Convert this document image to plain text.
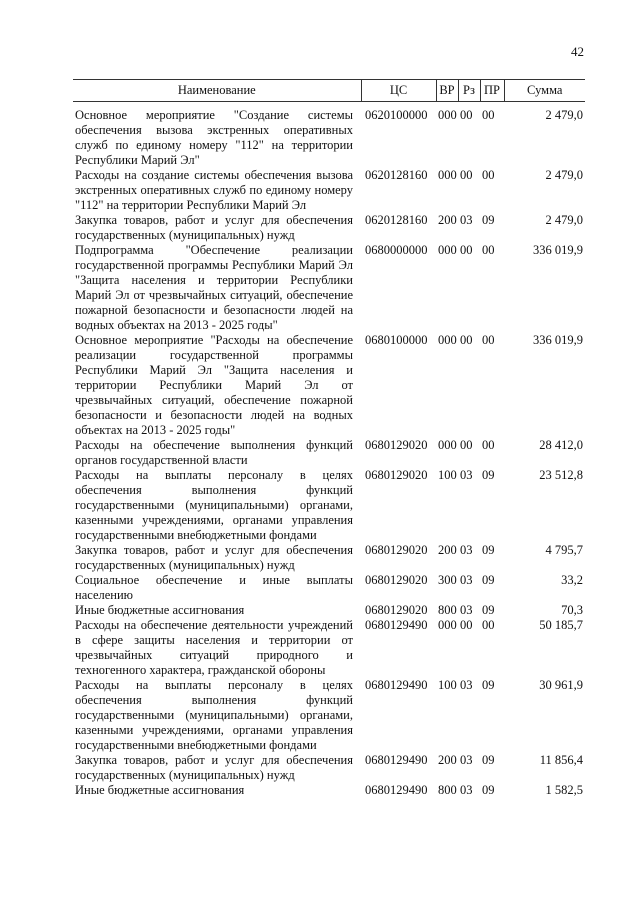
42
Наименование	ЦС	ВР	Рз	ПР	Сумма
Основное мероприятие "Создание системы обеспечения вызова экстренных оперативных служб по единому номеру "112" на территории Республики Марий Эл"	0620100000	000	00	00	2 479,0
Расходы на создание системы обеспечения вызова экстренных оперативных служб по единому номеру "112" на территории Республики Марий Эл	0620128160	000	00	00	2 479,0
Закупка товаров, работ и услуг для обеспечения государственных (муниципальных) нужд	0620128160	200	03	09	2 479,0
Подпрограмма "Обеспечение реализации государственной программы Республики Марий Эл "Защита населения и территории Республики Марий Эл от чрезвычайных ситуаций, обеспечение пожарной безопасности и безопасности людей на водных объектах на 2013 - 2025 годы"	0680000000	000	00	00	336 019,9
Основное мероприятие "Расходы на обеспечение реализации государственной программы Республики Марий Эл "Защита населения и территории Республики Марий Эл от чрезвычайных ситуаций, обеспечение пожарной безопасности и безопасности людей на водных объектах на 2013 - 2025 годы"	0680100000	000	00	00	336 019,9
Расходы на обеспечение выполнения функций органов государственной власти	0680129020	000	00	00	28 412,0
Расходы на выплаты персоналу в целях обеспечения выполнения функций государственными (муниципальными) органами, казенными учреждениями, органами управления государственными внебюджетными фондами	0680129020	100	03	09	23 512,8
Закупка товаров, работ и услуг для обеспечения государственных (муниципальных) нужд	0680129020	200	03	09	4 795,7
Социальное обеспечение и иные выплаты населению	0680129020	300	03	09	33,2
Иные бюджетные ассигнования	0680129020	800	03	09	70,3
Расходы на обеспечение деятельности учреждений в сфере защиты населения и территории от чрезвычайных ситуаций природного и техногенного характера, гражданской обороны	0680129490	000	00	00	50 185,7
Расходы на выплаты персоналу в целях обеспечения выполнения функций государственными (муниципальными) органами, казенными учреждениями, органами управления государственными внебюджетными фондами	0680129490	100	03	09	30 961,9
Закупка товаров, работ и услуг для обеспечения государственных (муниципальных) нужд	0680129490	200	03	09	11 856,4
Иные бюджетные ассигнования	0680129490	800	03	09	1 582,5
